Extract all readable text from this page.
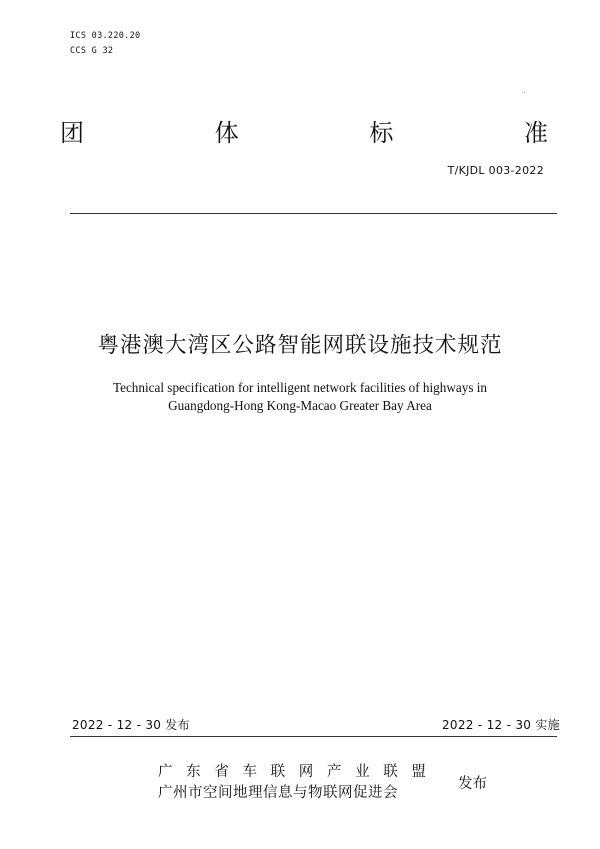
ICS 03.220.20
CCS G 32
团	体	标	准
T/KJDL 003-2022
粤港澳大湾区公路智能网联设施技术规范
Technical specification for intelligent network facilities of highways in
Guangdong-Hong Kong-Macao Greater Bay Area
2022 - 12 - 30 发布	2022 - 12 - 30 实施
广 东 省 车 联 网 产 业 联 盟
广州市空间地理信息与物联网促进会
发布
